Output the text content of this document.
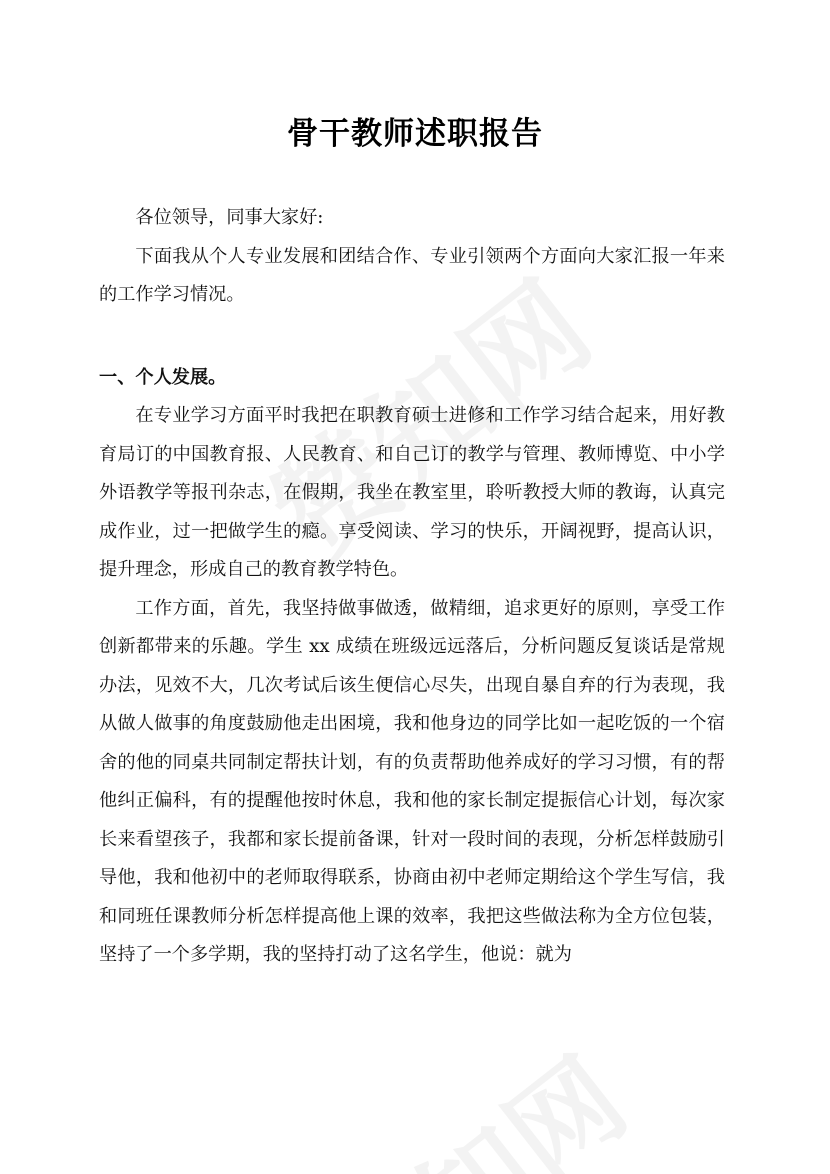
骨干教师述职报告

各位领导，同事大家好:

下面我从个人专业发展和团结合作、专业引领两个方面向大家汇报一年来的工作学习情况。

一、个人发展。

在专业学习方面平时我把在职教育硕士进修和工作学习结合起来，用好教育局订的中国教育报、人民教育、和自己订的教学与管理、教师博览、中小学外语教学等报刊杂志，在假期，我坐在教室里，聆听教授大师的教诲，认真完成作业，过一把做学生的瘾。享受阅读、学习的快乐，开阔视野，提高认识，提升理念，形成自己的教育教学特色。

工作方面，首先，我坚持做事做透，做精细，追求更好的原则，享受工作创新都带来的乐趣。学生 xx 成绩在班级远远落后，分析问题反复谈话是常规办法，见效不大，几次考试后该生便信心尽失，出现自暴自弃的行为表现，我从做人做事的角度鼓励他走出困境，我和他身边的同学比如一起吃饭的一个宿舍的他的同桌共同制定帮扶计划，有的负责帮助他养成好的学习习惯，有的帮他纠正偏科，有的提醒他按时休息，我和他的家长制定提振信心计划，每次家长来看望孩子，我都和家长提前备课，针对一段时间的表现，分析怎样鼓励引导他，我和他初中的老师取得联系，协商由初中老师定期给这个学生写信，我和同班任课教师分析怎样提高他上课的效率，我把这些做法称为全方位包装，坚持了一个多学期，我的坚持打动了这名学生，他说：就为
